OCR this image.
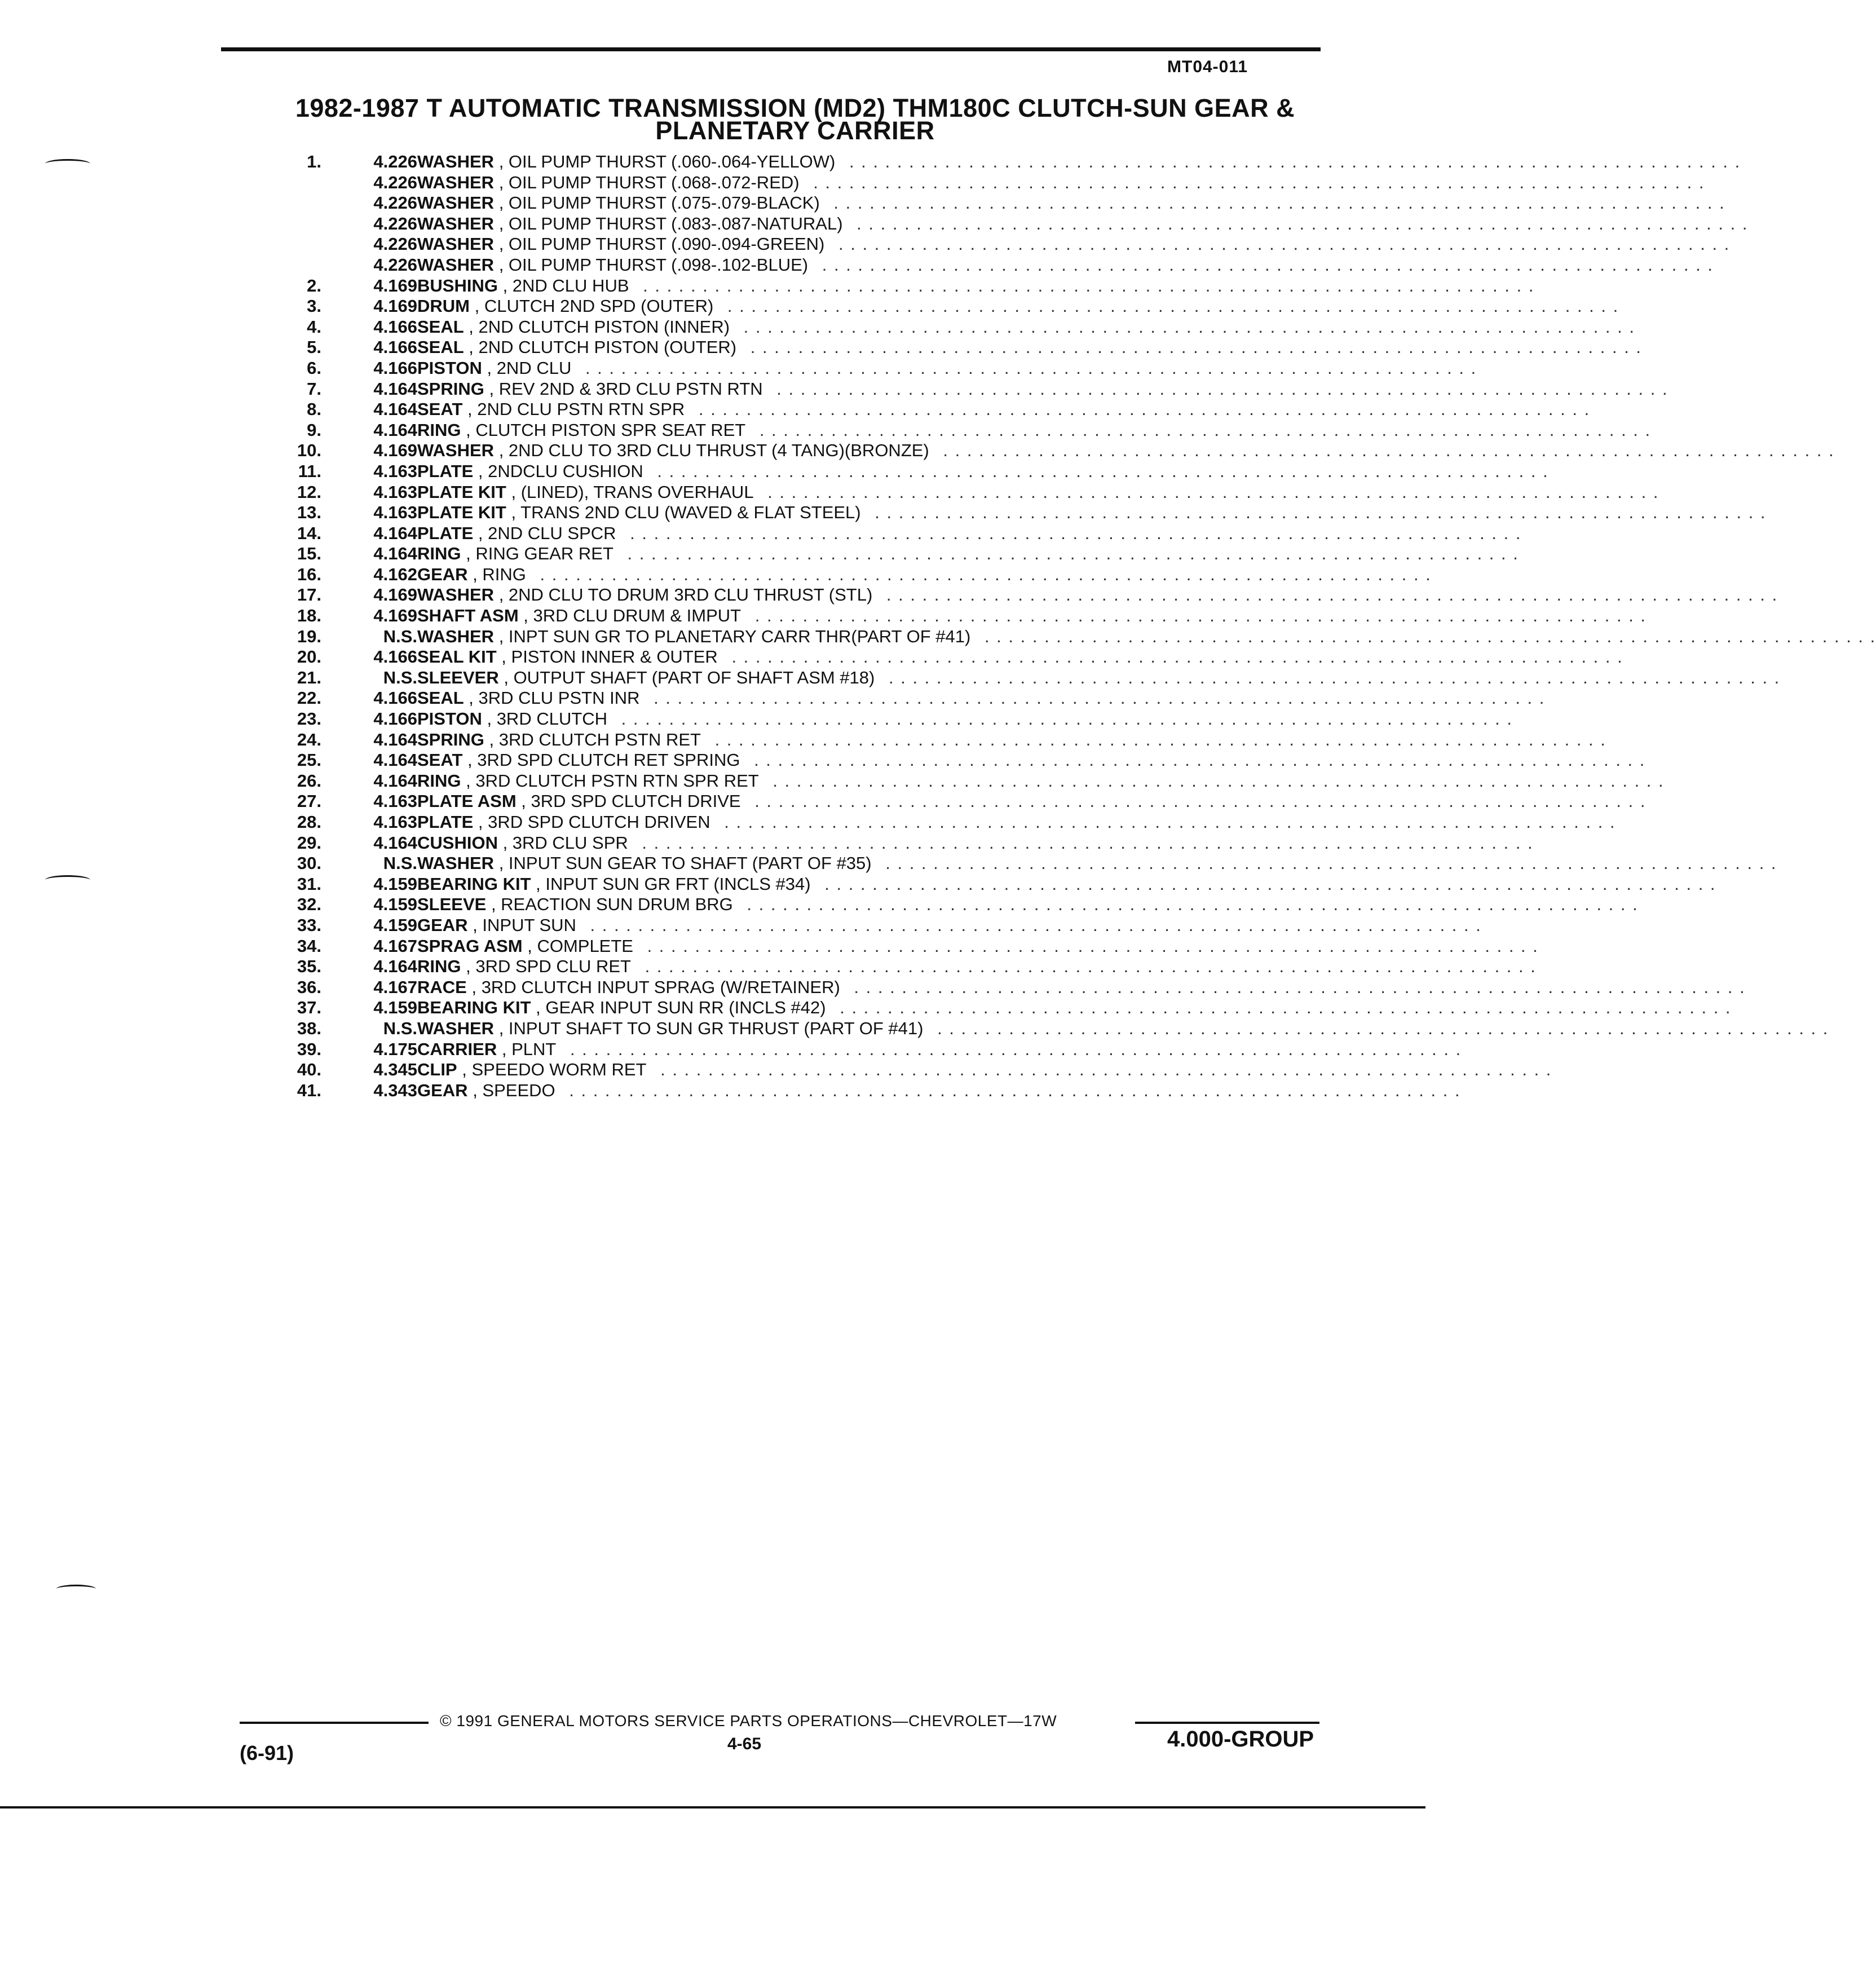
MT04-011
1982-1987 T AUTOMATIC TRANSMISSION (MD2) THM180C CLUTCH-SUN GEAR &
PLANETARY CARRIER
1.	4.226 WASHER , OIL PUMP THURST (.060-.064-YELLOW) . . . . . . . . . . . . . . . . . . . . . . . . . . . . . . . . . . . . . . . . . . . . . . . . . . . . . . . . . . . . . . . . . . . . . . . . . . .
4.226 WASHER , OIL PUMP THURST (.068-.072-RED) . . . . . . . . . . . . . . . . . . . . . . . . . . . . . . . . . . . . . . . . . . . . . . . . . . . . . . . . . . . . . . . . . . . . . . . . . . .
4.226 WASHER , OIL PUMP THURST (.075-.079-BLACK) . . . . . . . . . . . . . . . . . . . . . . . . . . . . . . . . . . . . . . . . . . . . . . . . . . . . . . . . . . . . . . . . . . . . . . . . . . .
4.226 WASHER , OIL PUMP THURST (.083-.087-NATURAL) . . . . . . . . . . . . . . . . . . . . . . . . . . . . . . . . . . . . . . . . . . . . . . . . . . . . . . . . . . . . . . . . . . . . . . . . . . .
4.226 WASHER , OIL PUMP THURST (.090-.094-GREEN) . . . . . . . . . . . . . . . . . . . . . . . . . . . . . . . . . . . . . . . . . . . . . . . . . . . . . . . . . . . . . . . . . . . . . . . . . . .
4.226 WASHER , OIL PUMP THURST (.098-.102-BLUE) . . . . . . . . . . . . . . . . . . . . . . . . . . . . . . . . . . . . . . . . . . . . . . . . . . . . . . . . . . . . . . . . . . . . . . . . . . .
2.	4.169 BUSHING , 2ND CLU HUB . . . . . . . . . . . . . . . . . . . . . . . . . . . . . . . . . . . . . . . . . . . . . . . . . . . . . . . . . . . . . . . . . . . . . . . . . . .
3.	4.169 DRUM , CLUTCH 2ND SPD (OUTER) . . . . . . . . . . . . . . . . . . . . . . . . . . . . . . . . . . . . . . . . . . . . . . . . . . . . . . . . . . . . . . . . . . . . . . . . . . .
4.	4.166 SEAL , 2ND CLUTCH PISTON (INNER) . . . . . . . . . . . . . . . . . . . . . . . . . . . . . . . . . . . . . . . . . . . . . . . . . . . . . . . . . . . . . . . . . . . . . . . . . . .
5.	4.166 SEAL , 2ND CLUTCH PISTON (OUTER) . . . . . . . . . . . . . . . . . . . . . . . . . . . . . . . . . . . . . . . . . . . . . . . . . . . . . . . . . . . . . . . . . . . . . . . . . . .
6.	4.166 PISTON , 2ND CLU . . . . . . . . . . . . . . . . . . . . . . . . . . . . . . . . . . . . . . . . . . . . . . . . . . . . . . . . . . . . . . . . . . . . . . . . . . .
7.	4.164 SPRING , REV 2ND & 3RD CLU PSTN RTN . . . . . . . . . . . . . . . . . . . . . . . . . . . . . . . . . . . . . . . . . . . . . . . . . . . . . . . . . . . . . . . . . . . . . . . . . . .
8.	4.164 SEAT , 2ND CLU PSTN RTN SPR . . . . . . . . . . . . . . . . . . . . . . . . . . . . . . . . . . . . . . . . . . . . . . . . . . . . . . . . . . . . . . . . . . . . . . . . . . .
9.	4.164 RING , CLUTCH PISTON SPR SEAT RET . . . . . . . . . . . . . . . . . . . . . . . . . . . . . . . . . . . . . . . . . . . . . . . . . . . . . . . . . . . . . . . . . . . . . . . . . . .
10.	4.169 WASHER , 2ND CLU TO 3RD CLU THRUST (4 TANG)(BRONZE) . . . . . . . . . . . . . . . . . . . . . . . . . . . . . . . . . . . . . . . . . . . . . . . . . . . . . . . . . . . . . . . . . . . . . . . . . . .
11.	4.163 PLATE , 2NDCLU CUSHION . . . . . . . . . . . . . . . . . . . . . . . . . . . . . . . . . . . . . . . . . . . . . . . . . . . . . . . . . . . . . . . . . . . . . . . . . . .
12.	4.163 PLATE KIT , (LINED), TRANS OVERHAUL . . . . . . . . . . . . . . . . . . . . . . . . . . . . . . . . . . . . . . . . . . . . . . . . . . . . . . . . . . . . . . . . . . . . . . . . . . .
13.	4.163 PLATE KIT , TRANS 2ND CLU (WAVED & FLAT STEEL) . . . . . . . . . . . . . . . . . . . . . . . . . . . . . . . . . . . . . . . . . . . . . . . . . . . . . . . . . . . . . . . . . . . . . . . . . . .
14.	4.164 PLATE , 2ND CLU SPCR . . . . . . . . . . . . . . . . . . . . . . . . . . . . . . . . . . . . . . . . . . . . . . . . . . . . . . . . . . . . . . . . . . . . . . . . . . .
15.	4.164 RING , RING GEAR RET . . . . . . . . . . . . . . . . . . . . . . . . . . . . . . . . . . . . . . . . . . . . . . . . . . . . . . . . . . . . . . . . . . . . . . . . . . .
16.	4.162 GEAR , RING . . . . . . . . . . . . . . . . . . . . . . . . . . . . . . . . . . . . . . . . . . . . . . . . . . . . . . . . . . . . . . . . . . . . . . . . . . .
17.	4.169 WASHER , 2ND CLU TO DRUM 3RD CLU THRUST (STL) . . . . . . . . . . . . . . . . . . . . . . . . . . . . . . . . . . . . . . . . . . . . . . . . . . . . . . . . . . . . . . . . . . . . . . . . . . .
18.	4.169 SHAFT ASM , 3RD CLU DRUM & IMPUT . . . . . . . . . . . . . . . . . . . . . . . . . . . . . . . . . . . . . . . . . . . . . . . . . . . . . . . . . . . . . . . . . . . . . . . . . . .
19.	N.S. WASHER , INPT SUN GR TO PLANETARY CARR THR(PART OF #41) . . . . . . . . . . . . . . . . . . . . . . . . . . . . . . . . . . . . . . . . . . . . . . . . . . . . . . . . . . . . . . . . . . . . . . . . . . .
20.	4.166 SEAL KIT , PISTON INNER & OUTER . . . . . . . . . . . . . . . . . . . . . . . . . . . . . . . . . . . . . . . . . . . . . . . . . . . . . . . . . . . . . . . . . . . . . . . . . . .
21.	N.S. SLEEVER , OUTPUT SHAFT (PART OF SHAFT ASM #18) . . . . . . . . . . . . . . . . . . . . . . . . . . . . . . . . . . . . . . . . . . . . . . . . . . . . . . . . . . . . . . . . . . . . . . . . . . .
22.	4.166 SEAL , 3RD CLU PSTN INR . . . . . . . . . . . . . . . . . . . . . . . . . . . . . . . . . . . . . . . . . . . . . . . . . . . . . . . . . . . . . . . . . . . . . . . . . . .
23.	4.166 PISTON , 3RD CLUTCH . . . . . . . . . . . . . . . . . . . . . . . . . . . . . . . . . . . . . . . . . . . . . . . . . . . . . . . . . . . . . . . . . . . . . . . . . . .
24.	4.164 SPRING , 3RD CLUTCH PSTN RET . . . . . . . . . . . . . . . . . . . . . . . . . . . . . . . . . . . . . . . . . . . . . . . . . . . . . . . . . . . . . . . . . . . . . . . . . . .
25.	4.164 SEAT , 3RD SPD CLUTCH RET SPRING . . . . . . . . . . . . . . . . . . . . . . . . . . . . . . . . . . . . . . . . . . . . . . . . . . . . . . . . . . . . . . . . . . . . . . . . . . .
26.	4.164 RING , 3RD CLUTCH PSTN RTN SPR RET . . . . . . . . . . . . . . . . . . . . . . . . . . . . . . . . . . . . . . . . . . . . . . . . . . . . . . . . . . . . . . . . . . . . . . . . . . .
27.	4.163 PLATE ASM , 3RD SPD CLUTCH DRIVE . . . . . . . . . . . . . . . . . . . . . . . . . . . . . . . . . . . . . . . . . . . . . . . . . . . . . . . . . . . . . . . . . . . . . . . . . . .
28.	4.163 PLATE , 3RD SPD CLUTCH DRIVEN . . . . . . . . . . . . . . . . . . . . . . . . . . . . . . . . . . . . . . . . . . . . . . . . . . . . . . . . . . . . . . . . . . . . . . . . . . .
29.	4.164 CUSHION , 3RD CLU SPR . . . . . . . . . . . . . . . . . . . . . . . . . . . . . . . . . . . . . . . . . . . . . . . . . . . . . . . . . . . . . . . . . . . . . . . . . . .
30.	N.S. WASHER , INPUT SUN GEAR TO SHAFT (PART OF #35) . . . . . . . . . . . . . . . . . . . . . . . . . . . . . . . . . . . . . . . . . . . . . . . . . . . . . . . . . . . . . . . . . . . . . . . . . . .
31.	4.159 BEARING KIT , INPUT SUN GR FRT (INCLS #34) . . . . . . . . . . . . . . . . . . . . . . . . . . . . . . . . . . . . . . . . . . . . . . . . . . . . . . . . . . . . . . . . . . . . . . . . . . .
32.	4.159 SLEEVE , REACTION SUN DRUM BRG . . . . . . . . . . . . . . . . . . . . . . . . . . . . . . . . . . . . . . . . . . . . . . . . . . . . . . . . . . . . . . . . . . . . . . . . . . .
33.	4.159 GEAR , INPUT SUN . . . . . . . . . . . . . . . . . . . . . . . . . . . . . . . . . . . . . . . . . . . . . . . . . . . . . . . . . . . . . . . . . . . . . . . . . . .
34.	4.167 SPRAG ASM , COMPLETE . . . . . . . . . . . . . . . . . . . . . . . . . . . . . . . . . . . . . . . . . . . . . . . . . . . . . . . . . . . . . . . . . . . . . . . . . . .
35.	4.164 RING , 3RD SPD CLU RET . . . . . . . . . . . . . . . . . . . . . . . . . . . . . . . . . . . . . . . . . . . . . . . . . . . . . . . . . . . . . . . . . . . . . . . . . . .
36.	4.167 RACE , 3RD CLUTCH INPUT SPRAG (W/RETAINER) . . . . . . . . . . . . . . . . . . . . . . . . . . . . . . . . . . . . . . . . . . . . . . . . . . . . . . . . . . . . . . . . . . . . . . . . . . .
37.	4.159 BEARING KIT , GEAR INPUT SUN RR (INCLS #42) . . . . . . . . . . . . . . . . . . . . . . . . . . . . . . . . . . . . . . . . . . . . . . . . . . . . . . . . . . . . . . . . . . . . . . . . . . .
38.	N.S. WASHER , INPUT SHAFT TO SUN GR THRUST (PART OF #41) . . . . . . . . . . . . . . . . . . . . . . . . . . . . . . . . . . . . . . . . . . . . . . . . . . . . . . . . . . . . . . . . . . . . . . . . . . .
39.	4.175 CARRIER , PLNT . . . . . . . . . . . . . . . . . . . . . . . . . . . . . . . . . . . . . . . . . . . . . . . . . . . . . . . . . . . . . . . . . . . . . . . . . . .
40.	4.345 CLIP , SPEEDO WORM RET . . . . . . . . . . . . . . . . . . . . . . . . . . . . . . . . . . . . . . . . . . . . . . . . . . . . . . . . . . . . . . . . . . . . . . . . . . .
41.	4.343 GEAR , SPEEDO . . . . . . . . . . . . . . . . . . . . . . . . . . . . . . . . . . . . . . . . . . . . . . . . . . . . . . . . . . . . . . . . . . . . . . . . . . .
© 1991 GENERAL MOTORS SERVICE PARTS OPERATIONS—CHEVROLET—17W
(6-91)	4-65	4.000-GROUP
